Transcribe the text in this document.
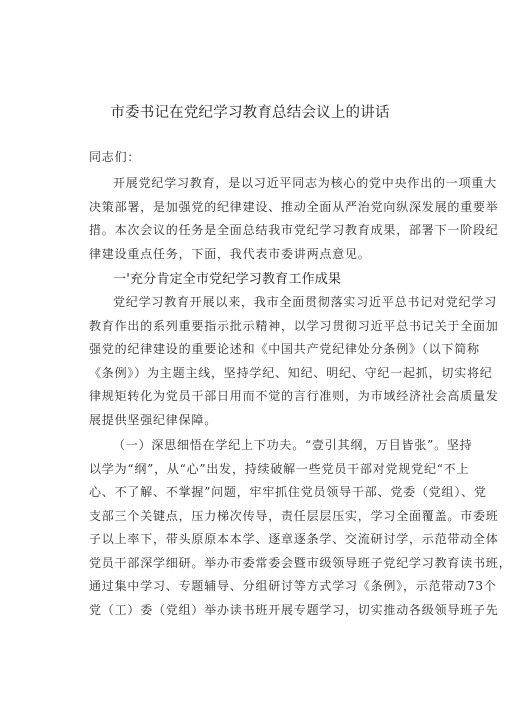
市委书记在党纪学习教育总结会议上的讲话
同志们：
开展党纪学习教育，是以习近平同志为核心的党中央作出的一项重大
决策部署，是加强党的纪律建设、推动全面从严治党向纵深发展的重要举
措。本次会议的任务是全面总结我市党纪学习教育成果，部署下一阶段纪
律建设重点任务，下面，我代表市委讲两点意见。
一'充分肯定全市党纪学习教育工作成果
党纪学习教育开展以来，我市全面贯彻落实习近平总书记对党纪学习
教育作出的系列重要指示批示精神，以学习贯彻习近平总书记关于全面加
强党的纪律建设的重要论述和《中国共产党纪律处分条例》（以下简称
《条例》）为主题主线，坚持学纪、知纪、明纪、守纪一起抓，切实将纪
律规矩转化为党员干部日用而不觉的言行准则，为市域经济社会高质量发
展提供坚强纪律保障。
（一）深思细悟在学纪上下功夫。“壹引其纲，万目皆张”。坚持
以学为“纲”，从“心”出发，持续破解一些党员干部对党规党纪“不上
心、不了解、不掌握”问题，牢牢抓住党员领导干部、党委（党组）、党
支部三个关键点，压力梯次传导，责任层层压实，学习全面覆盖。市委班
子以上率下，带头原原本本学、逐章逐条学、交流研讨学，示范带动全体
党员干部深学细研。举办市委常委会暨市级领导班子党纪学习教育读书班，
通过集中学习、专题辅导、分组研讨等方式学习《条例》，示范带动73个
党（工）委（党组）举办读书班开展专题学习，切实推动各级领导班子先
